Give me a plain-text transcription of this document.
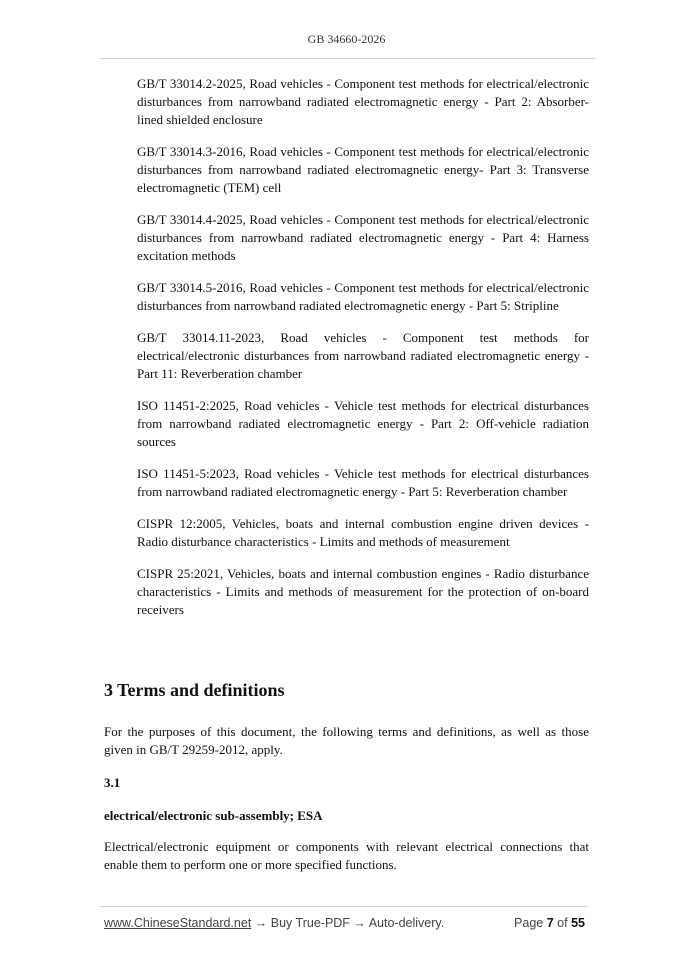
GB 34660-2026

GB/T 33014.2-2025, Road vehicles - Component test methods for electrical/electronic disturbances from narrowband radiated electromagnetic energy - Part 2: Absorber-lined shielded enclosure

GB/T 33014.3-2016, Road vehicles - Component test methods for electrical/electronic disturbances from narrowband radiated electromagnetic energy- Part 3: Transverse electromagnetic (TEM) cell

GB/T 33014.4-2025, Road vehicles - Component test methods for electrical/electronic disturbances from narrowband radiated electromagnetic energy - Part 4: Harness excitation methods

GB/T 33014.5-2016, Road vehicles - Component test methods for electrical/electronic disturbances from narrowband radiated electromagnetic energy - Part 5: Stripline

GB/T 33014.11-2023, Road vehicles - Component test methods for electrical/electronic disturbances from narrowband radiated electromagnetic energy - Part 11: Reverberation chamber

ISO 11451-2:2025, Road vehicles - Vehicle test methods for electrical disturbances from narrowband radiated electromagnetic energy - Part 2: Off-vehicle radiation sources

ISO 11451-5:2023, Road vehicles - Vehicle test methods for electrical disturbances from narrowband radiated electromagnetic energy - Part 5: Reverberation chamber

CISPR 12:2005, Vehicles, boats and internal combustion engine driven devices - Radio disturbance characteristics - Limits and methods of measurement

CISPR 25:2021, Vehicles, boats and internal combustion engines - Radio disturbance characteristics - Limits and methods of measurement for the protection of on-board receivers

3 Terms and definitions

For the purposes of this document, the following terms and definitions, as well as those given in GB/T 29259-2012, apply.

3.1

electrical/electronic sub-assembly; ESA

Electrical/electronic equipment or components with relevant electrical connections that enable them to perform one or more specified functions.

www.ChineseStandard.net → Buy True-PDF → Auto-delivery.	Page 7 of 55
